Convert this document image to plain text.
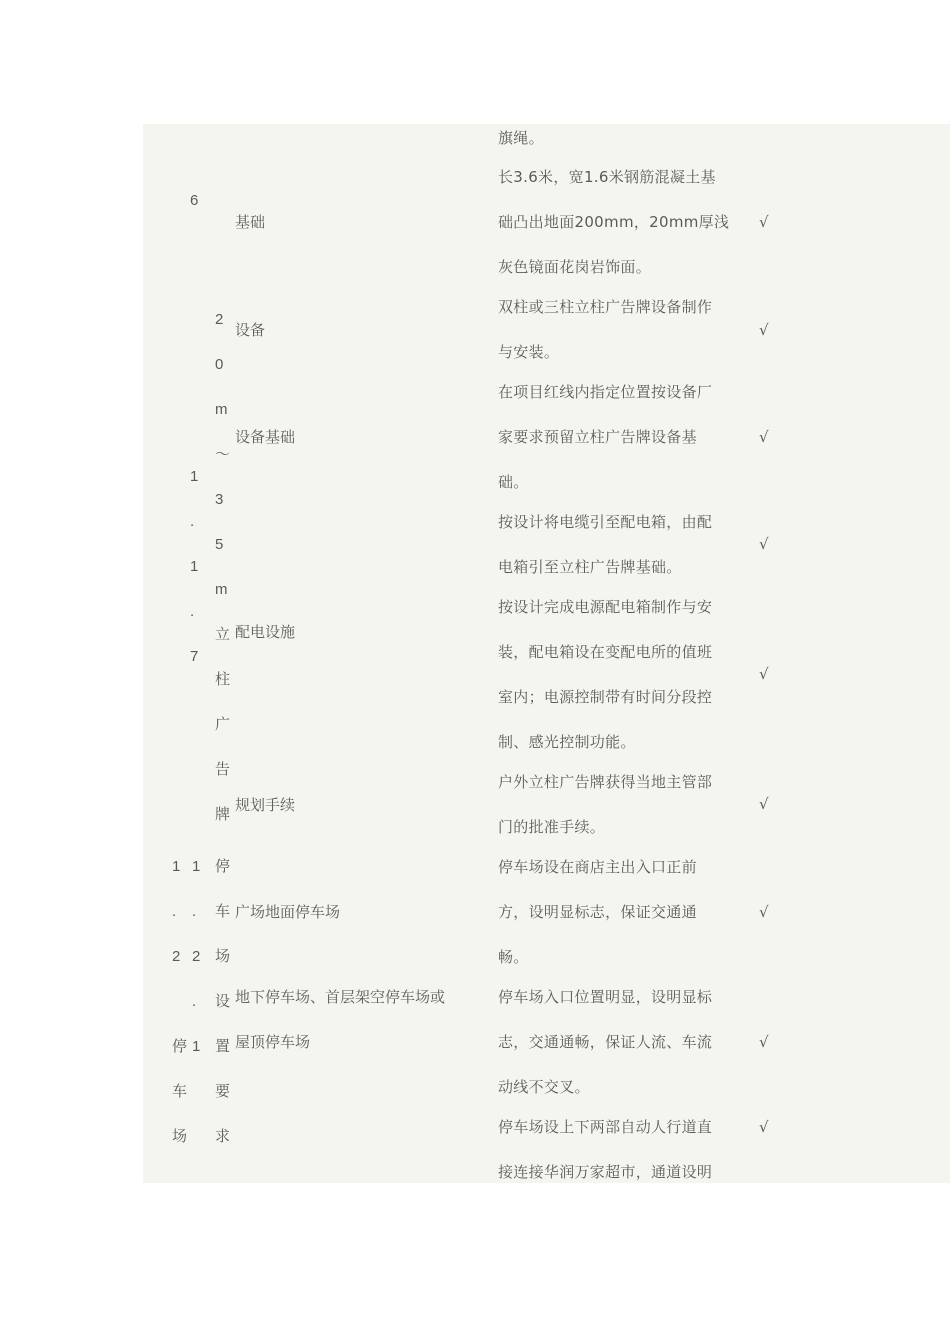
6
1
.
1
.
7
1 1
. .
2 2
.
停 1
车
场
2
0
m
～
3
5
m
立
柱
广
告
牌
停
车
场
设
置
要
求
基础
设备
设备基础
配电设施
规划手续
广场地面停车场
地下停车场、首层架空停车场或
屋顶停车场
旗绳。
长3.6米，宽1.6米钢筋混凝土基
础凸出地面200mm，20mm厚浅
灰色镜面花岗岩饰面。
双柱或三柱立柱广告牌设备制作
与安装。
在项目红线内指定位置按设备厂
家要求预留立柱广告牌设备基
础。
按设计将电缆引至配电箱，由配
电箱引至立柱广告牌基础。
按设计完成电源配电箱制作与安
装，配电箱设在变配电所的值班
室内；电源控制带有时间分段控
制、感光控制功能。
户外立柱广告牌获得当地主管部
门的批准手续。
停车场设在商店主出入口正前
方，设明显标志，保证交通通
畅。
停车场入口位置明显，设明显标
志，交通通畅，保证人流、车流
动线不交叉。
停车场设上下两部自动人行道直
接连接华润万家超市，通道设明
√
√
√
√
√
√
√
√
√
